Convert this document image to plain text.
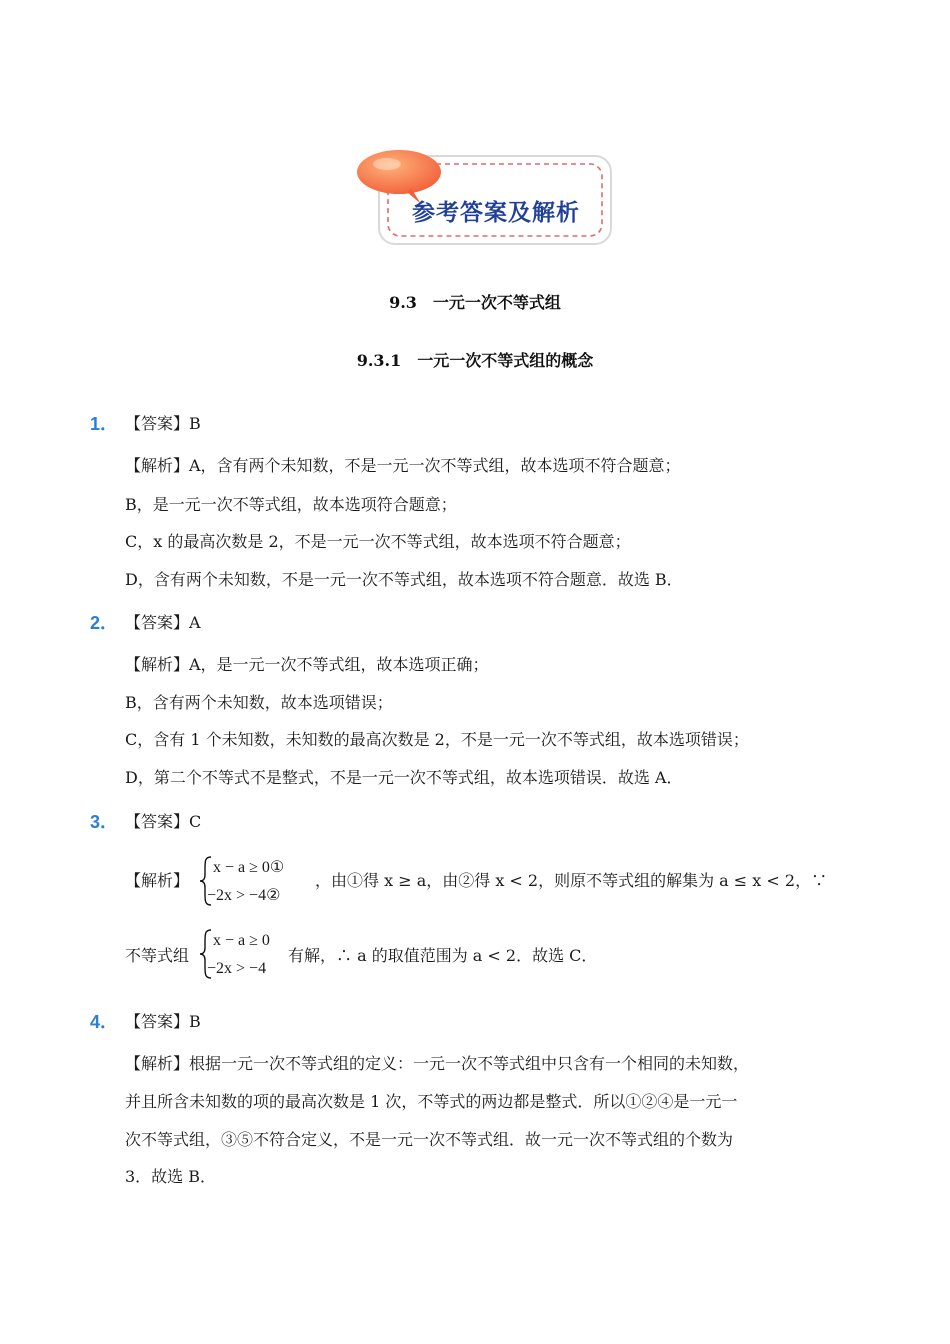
参考答案及解析
9.3　一元一次不等式组
9.3.1　一元一次不等式组的概念
1． 【答案】B
【解析】A，含有两个未知数，不是一元一次不等式组，故本选项不符合题意；
B，是一元一次不等式组，故本选项符合题意；
C，x 的最高次数是 2，不是一元一次不等式组，故本选项不符合题意；
D，含有两个未知数，不是一元一次不等式组，故本选项不符合题意．故选 B．
2． 【答案】A
【解析】A，是一元一次不等式组，故本选项正确；
B，含有两个未知数，故本选项错误；
C，含有 1 个未知数，未知数的最高次数是 2，不是一元一次不等式组，故本选项错误；
D，第二个不等式不是整式，不是一元一次不等式组，故本选项错误．故选 A．
3． 【答案】C
【解析】
x − a ≥ 0①
−2x > −4②
，由①得 x ≥ a，由②得 x < 2，则原不等式组的解集为 a ≤ x < 2，∵
不等式组
x − a ≥ 0
−2x > −4
有解，∴ a 的取值范围为 a < 2．故选 C．
4． 【答案】B
【解析】根据一元一次不等式组的定义：一元一次不等式组中只含有一个相同的未知数，
并且所含未知数的项的最高次数是 1 次，不等式的两边都是整式．所以①②④是一元一
次不等式组，③⑤不符合定义，不是一元一次不等式组．故一元一次不等式组的个数为
3．故选 B．
